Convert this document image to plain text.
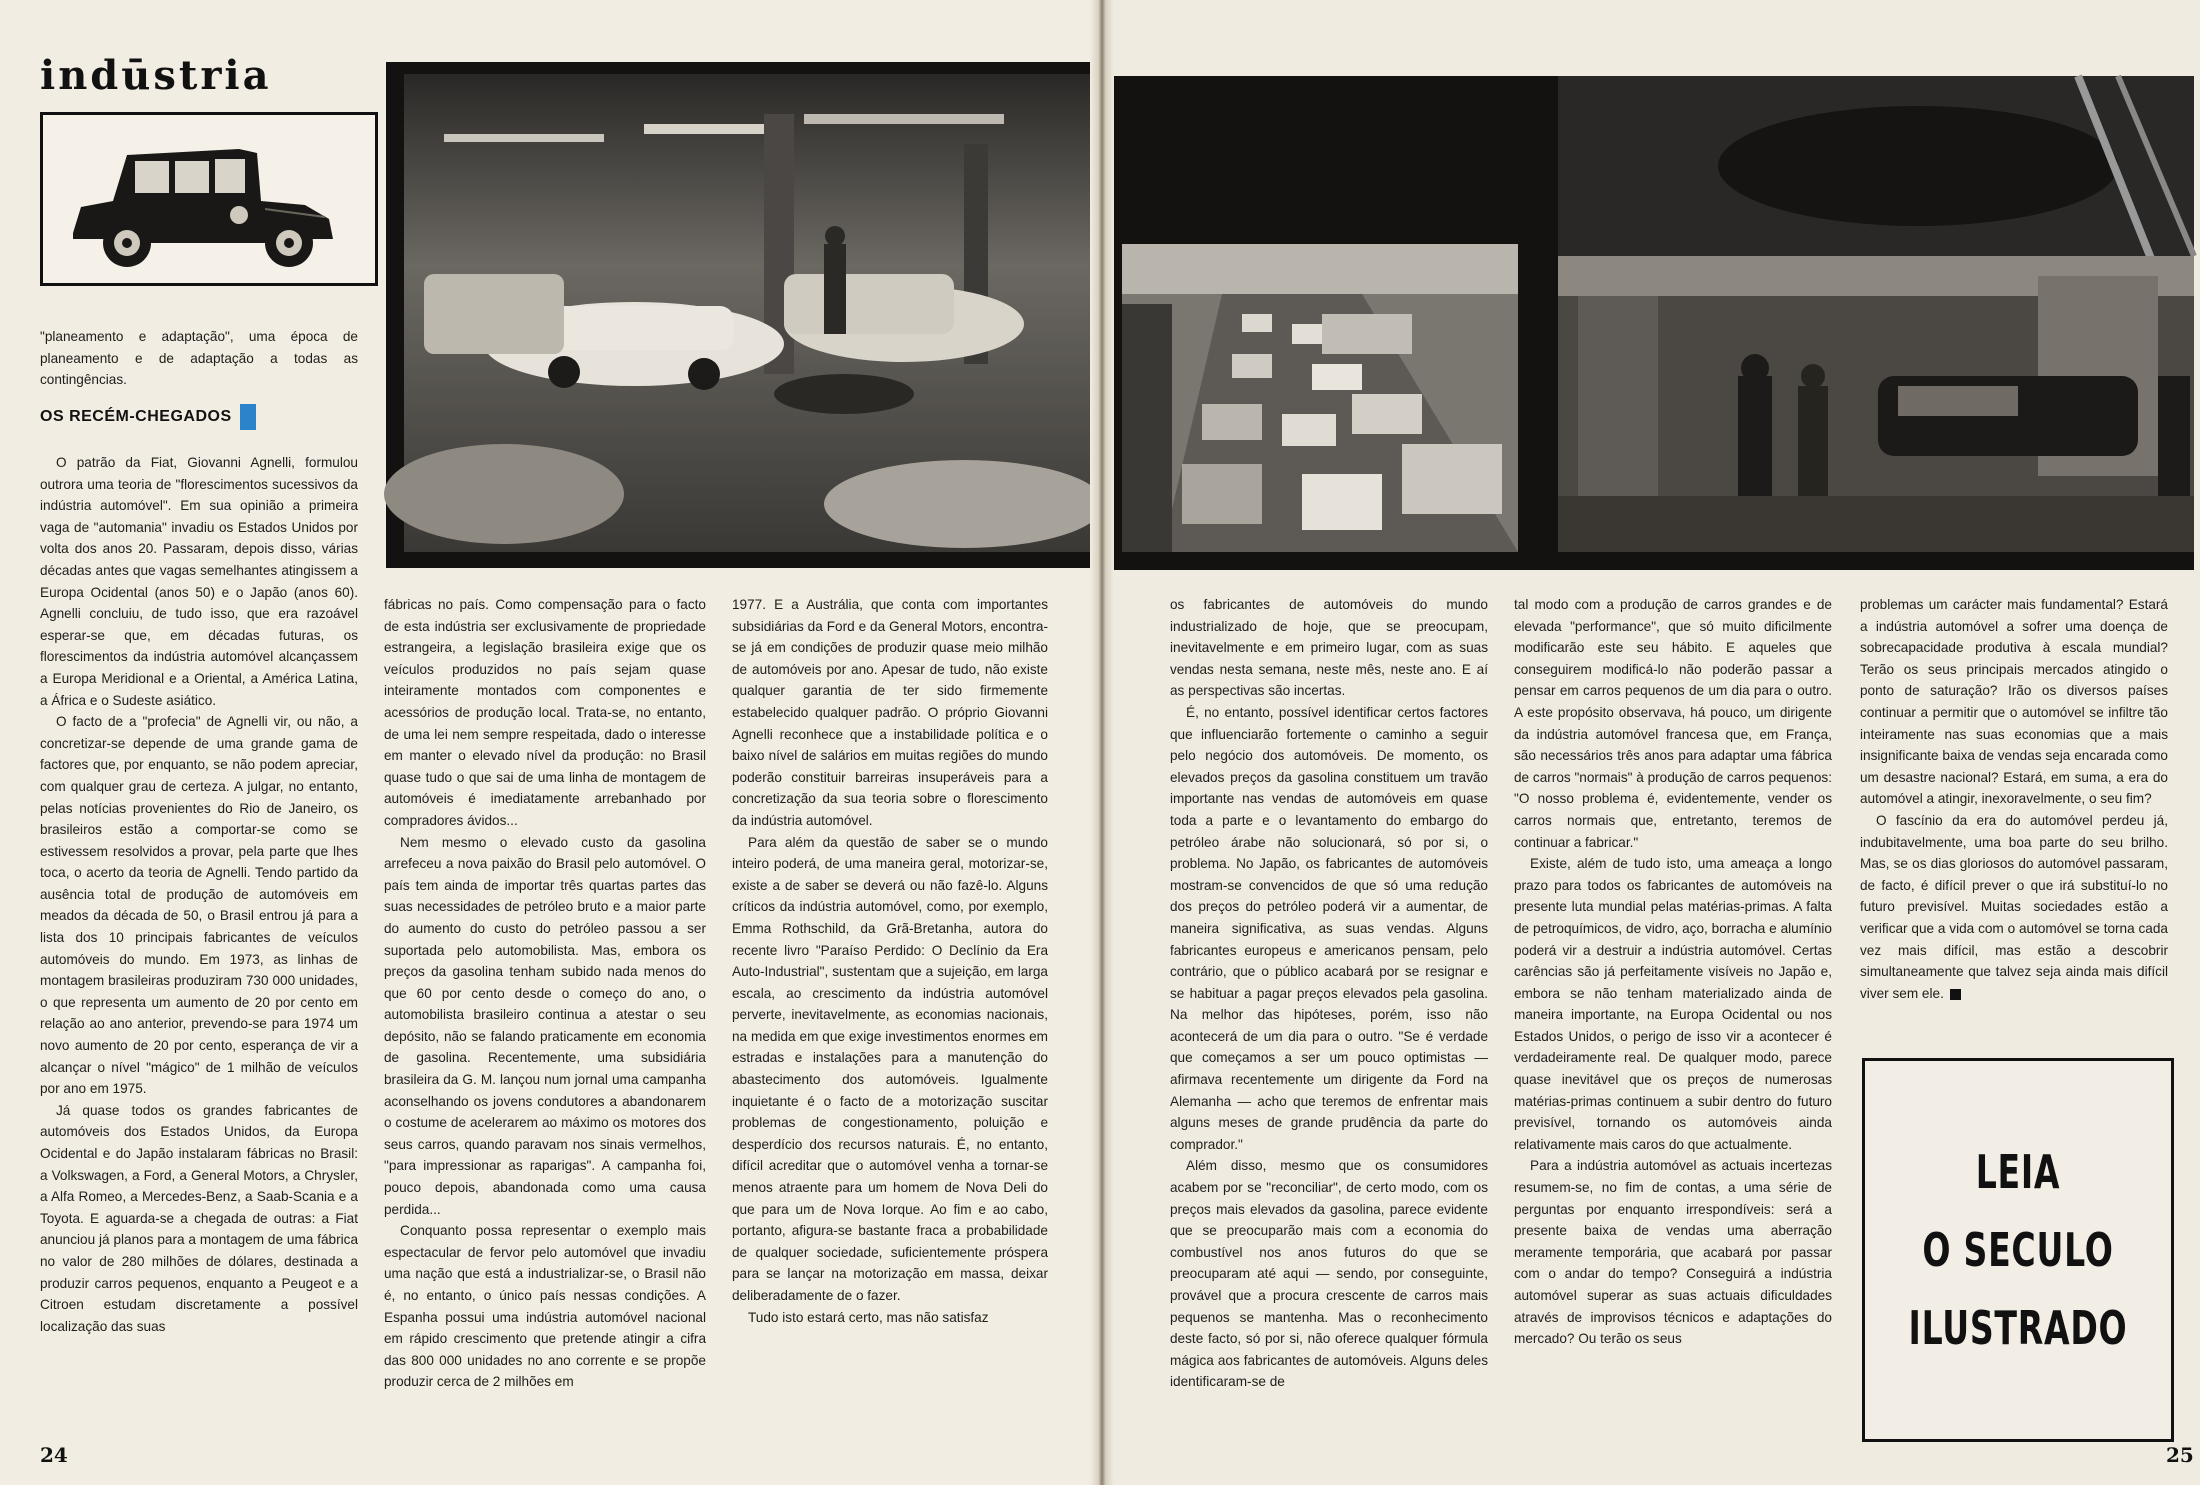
indūstria

"planeamento e adaptação", uma época de planeamento e de adaptação a todas as contingências.

OS RECÉM-CHEGADOS

O patrão da Fiat, Giovanni Agnelli, formulou outrora uma teoria de "florescimentos sucessivos da indústria automóvel". Em sua opinião a primeira vaga de "automania" invadiu os Estados Unidos por volta dos anos 20. Passaram, depois disso, várias décadas antes que vagas semelhantes atingissem a Europa Ocidental (anos 50) e o Japão (anos 60). Agnelli concluiu, de tudo isso, que era razoável esperar-se que, em décadas futuras, os florescimentos da indústria automóvel alcançassem a Europa Meridional e a Oriental, a América Latina, a África e o Sudeste asiático.

O facto de a "profecia" de Agnelli vir, ou não, a concretizar-se depende de uma grande gama de factores que, por enquanto, se não podem apreciar, com qualquer grau de certeza. A julgar, no entanto, pelas notícias provenientes do Rio de Janeiro, os brasileiros estão a comportar-se como se estivessem resolvidos a provar, pela parte que lhes toca, o acerto da teoria de Agnelli. Tendo partido da ausência total de produção de automóveis em meados da década de 50, o Brasil entrou já para a lista dos 10 principais fabricantes de veículos automóveis do mundo. Em 1973, as linhas de montagem brasileiras produziram 730 000 unidades, o que representa um aumento de 20 por cento em relação ao ano anterior, prevendo-se para 1974 um novo aumento de 20 por cento, esperança de vir a alcançar o nível "mágico" de 1 milhão de veículos por ano em 1975.

Já quase todos os grandes fabricantes de automóveis dos Estados Unidos, da Europa Ocidental e do Japão instalaram fábricas no Brasil: a Volkswagen, a Ford, a General Motors, a Chrysler, a Alfa Romeo, a Mercedes-Benz, a Saab-Scania e a Toyota. E aguarda-se a chegada de outras: a Fiat anunciou já planos para a montagem de uma fábrica no valor de 280 milhões de dólares, destinada a produzir carros pequenos, enquanto a Peugeot e a Citroen estudam discretamente a possível localização das suas

fábricas no país. Como compensação para o facto de esta indústria ser exclusivamente de propriedade estrangeira, a legislação brasileira exige que os veículos produzidos no país sejam quase inteiramente montados com componentes e acessórios de produção local. Trata-se, no entanto, de uma lei nem sempre respeitada, dado o interesse em manter o elevado nível da produção: no Brasil quase tudo o que sai de uma linha de montagem de automóveis é imediatamente arrebanhado por compradores ávidos...

Nem mesmo o elevado custo da gasolina arrefeceu a nova paixão do Brasil pelo automóvel. O país tem ainda de importar três quartas partes das suas necessidades de petróleo bruto e a maior parte do aumento do custo do petróleo passou a ser suportada pelo automobilista. Mas, embora os preços da gasolina tenham subido nada menos do que 60 por cento desde o começo do ano, o automobilista brasileiro continua a atestar o seu depósito, não se falando praticamente em economia de gasolina. Recentemente, uma subsidiária brasileira da G. M. lançou num jornal uma campanha aconselhando os jovens condutores a abandonarem o costume de acelerarem ao máximo os motores dos seus carros, quando paravam nos sinais vermelhos, "para impressionar as raparigas". A campanha foi, pouco depois, abandonada como uma causa perdida...

Conquanto possa representar o exemplo mais espectacular de fervor pelo automóvel que invadiu uma nação que está a industrializar-se, o Brasil não é, no entanto, o único país nessas condições. A Espanha possui uma indústria automóvel nacional em rápido crescimento que pretende atingir a cifra das 800 000 unidades no ano corrente e se propõe produzir cerca de 2 milhões em

1977. E a Austrália, que conta com importantes subsidiárias da Ford e da General Motors, encontra-se já em condições de produzir quase meio milhão de automóveis por ano. Apesar de tudo, não existe qualquer garantia de ter sido firmemente estabelecido qualquer padrão. O próprio Giovanni Agnelli reconhece que a instabilidade política e o baixo nível de salários em muitas regiões do mundo poderão constituir barreiras insuperáveis para a concretização da sua teoria sobre o florescimento da indústria automóvel.

Para além da questão de saber se o mundo inteiro poderá, de uma maneira geral, motorizar-se, existe a de saber se deverá ou não fazê-lo. Alguns críticos da indústria automóvel, como, por exemplo, Emma Rothschild, da Grã-Bretanha, autora do recente livro "Paraíso Perdido: O Declínio da Era Auto-Industrial", sustentam que a sujeição, em larga escala, ao crescimento da indústria automóvel perverte, inevitavelmente, as economias nacionais, na medida em que exige investimentos enormes em estradas e instalações para a manutenção do abastecimento dos automóveis. Igualmente inquietante é o facto de a motorização suscitar problemas de congestionamento, poluição e desperdício dos recursos naturais. É, no entanto, difícil acreditar que o automóvel venha a tornar-se menos atraente para um homem de Nova Deli do que para um de Nova Iorque. Ao fim e ao cabo, portanto, afigura-se bastante fraca a probabilidade de qualquer sociedade, suficientemente próspera para se lançar na motorização em massa, deixar deliberadamente de o fazer.

Tudo isto estará certo, mas não satisfaz

24

os fabricantes de automóveis do mundo industrializado de hoje, que se preocupam, inevitavelmente e em primeiro lugar, com as suas vendas nesta semana, neste mês, neste ano. E aí as perspectivas são incertas.

É, no entanto, possível identificar certos factores que influenciarão fortemente o caminho a seguir pelo negócio dos automóveis. De momento, os elevados preços da gasolina constituem um travão importante nas vendas de automóveis em quase toda a parte e o levantamento do embargo do petróleo árabe não solucionará, só por si, o problema. No Japão, os fabricantes de automóveis mostram-se convencidos de que só uma redução dos preços do petróleo poderá vir a aumentar, de maneira significativa, as suas vendas. Alguns fabricantes europeus e americanos pensam, pelo contrário, que o público acabará por se resignar e se habituar a pagar preços elevados pela gasolina. Na melhor das hipóteses, porém, isso não acontecerá de um dia para o outro. "Se é verdade que começamos a ser um pouco optimistas — afirmava recentemente um dirigente da Ford na Alemanha — acho que teremos de enfrentar mais alguns meses de grande prudência da parte do comprador."

Além disso, mesmo que os consumidores acabem por se "reconciliar", de certo modo, com os preços mais elevados da gasolina, parece evidente que se preocuparão mais com a economia do combustível nos anos futuros do que se preocuparam até aqui — sendo, por conseguinte, provável que a procura crescente de carros mais pequenos se mantenha. Mas o reconhecimento deste facto, só por si, não oferece qualquer fórmula mágica aos fabricantes de automóveis. Alguns deles identificaram-se de

tal modo com a produção de carros grandes e de elevada "performance", que só muito dificilmente modificarão este seu hábito. E aqueles que conseguirem modificá-lo não poderão passar a pensar em carros pequenos de um dia para o outro. A este propósito observava, há pouco, um dirigente da indústria automóvel francesa que, em França, são necessários três anos para adaptar uma fábrica de carros "normais" à produção de carros pequenos: "O nosso problema é, evidentemente, vender os carros normais que, entretanto, teremos de continuar a fabricar."

Existe, além de tudo isto, uma ameaça a longo prazo para todos os fabricantes de automóveis na presente luta mundial pelas matérias-primas. A falta de petroquímicos, de vidro, aço, borracha e alumínio poderá vir a destruir a indústria automóvel. Certas carências são já perfeitamente visíveis no Japão e, embora se não tenham materializado ainda de maneira importante, na Europa Ocidental ou nos Estados Unidos, o perigo de isso vir a acontecer é verdadeiramente real. De qualquer modo, parece quase inevitável que os preços de numerosas matérias-primas continuem a subir dentro do futuro previsível, tornando os automóveis ainda relativamente mais caros do que actualmente.

Para a indústria automóvel as actuais incertezas resumem-se, no fim de contas, a uma série de perguntas por enquanto irrespondíveis: será a presente baixa de vendas uma aberração meramente temporária, que acabará por passar com o andar do tempo? Conseguirá a indústria automóvel superar as suas actuais dificuldades através de improvisos técnicos e adaptações do mercado? Ou terão os seus

problemas um carácter mais fundamental? Estará a indústria automóvel a sofrer uma doença de sobrecapacidade produtiva à escala mundial? Terão os seus principais mercados atingido o ponto de saturação? Irão os diversos países continuar a permitir que o automóvel se infiltre tão inteiramente nas suas economias que a mais insignificante baixa de vendas seja encarada como um desastre nacional? Estará, em suma, a era do automóvel a atingir, inexoravelmente, o seu fim?

O fascínio da era do automóvel perdeu já, indubitavelmente, uma boa parte do seu brilho. Mas, se os dias gloriosos do automóvel passaram, de facto, é difícil prever o que irá substituí-lo no futuro previsível. Muitas sociedades estão a verificar que a vida com o automóvel se torna cada vez mais difícil, mas estão a descobrir simultaneamente que talvez seja ainda mais difícil viver sem ele.

LEIA
O SECULO
ILUSTRADO
25
